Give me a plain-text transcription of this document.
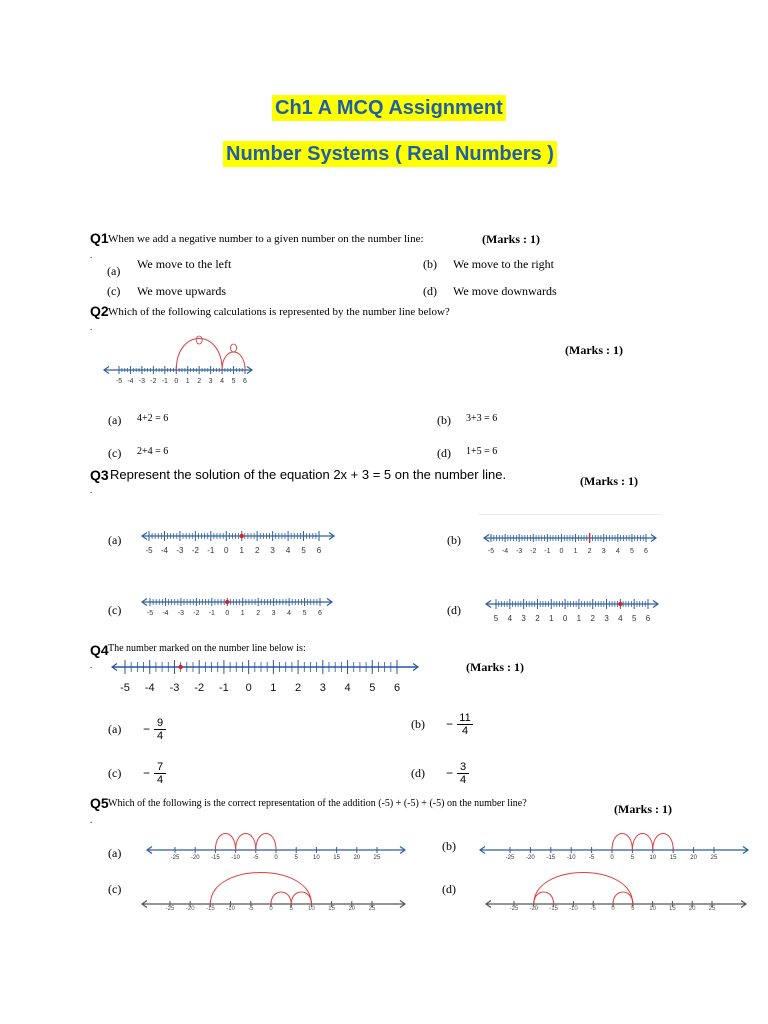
Ch1 A MCQ Assignment
Number Systems ( Real Numbers )
Q1 When we add a negative number to a given number on the number line:	(Marks : 1)
.
(a) We move to the left	(b) We move to the right
(c) We move upwards	(d) We move downwards
Q2 Which of the following calculations is represented by the number line below?
.
(Marks : 1)
-5 -4 -3 -2 -1 0 1 2 3 4 5 6
(a) 4+2 = 6	(b) 3+3 = 6
(c) 2+4 = 6	(d) 1+5 = 6
Q3 Represent the solution of the equation 2x + 3 = 5 on the number line.	(Marks : 1)
.
(a)
-5 -4 -3 -2 -1 0 1 2 3 4 5 6
(b)
-5 -4 -3 -2 -1 0 1 2 3 4 5 6
(c)	-5 -4 -3 -2 -1 0 1 2 3 4 5 6	(d)
5 4 3 2 1 0 1 2 3 4 5 6
Q4 The number marked on the number line below is:
(Marks : 1)
.
-5 -4 -3 -2 -1 0 1 2 3 4 5 6
(a)	− $\frac{9}{4}$	(b)	− $\frac{11}{4}$
(c)	− $\frac{7}{4}$	(d)	− $\frac{3}{4}$
Q5 Which of the following is the correct representation of the addition (-5) + (-5) + (-5) on the number line?	(Marks : 1)
.
(a)	-25 -20 -15 -10 -5	0	5	10 15 20 25
(b)
-25 -20 -15 -10 -5	0	5	10 15 20 25
(c)
-25 -20 -15 -10 -5	0	5	10 15 20 25
(d)
-25 -20 -15 -10 -5	0	5 10 15 20 25
